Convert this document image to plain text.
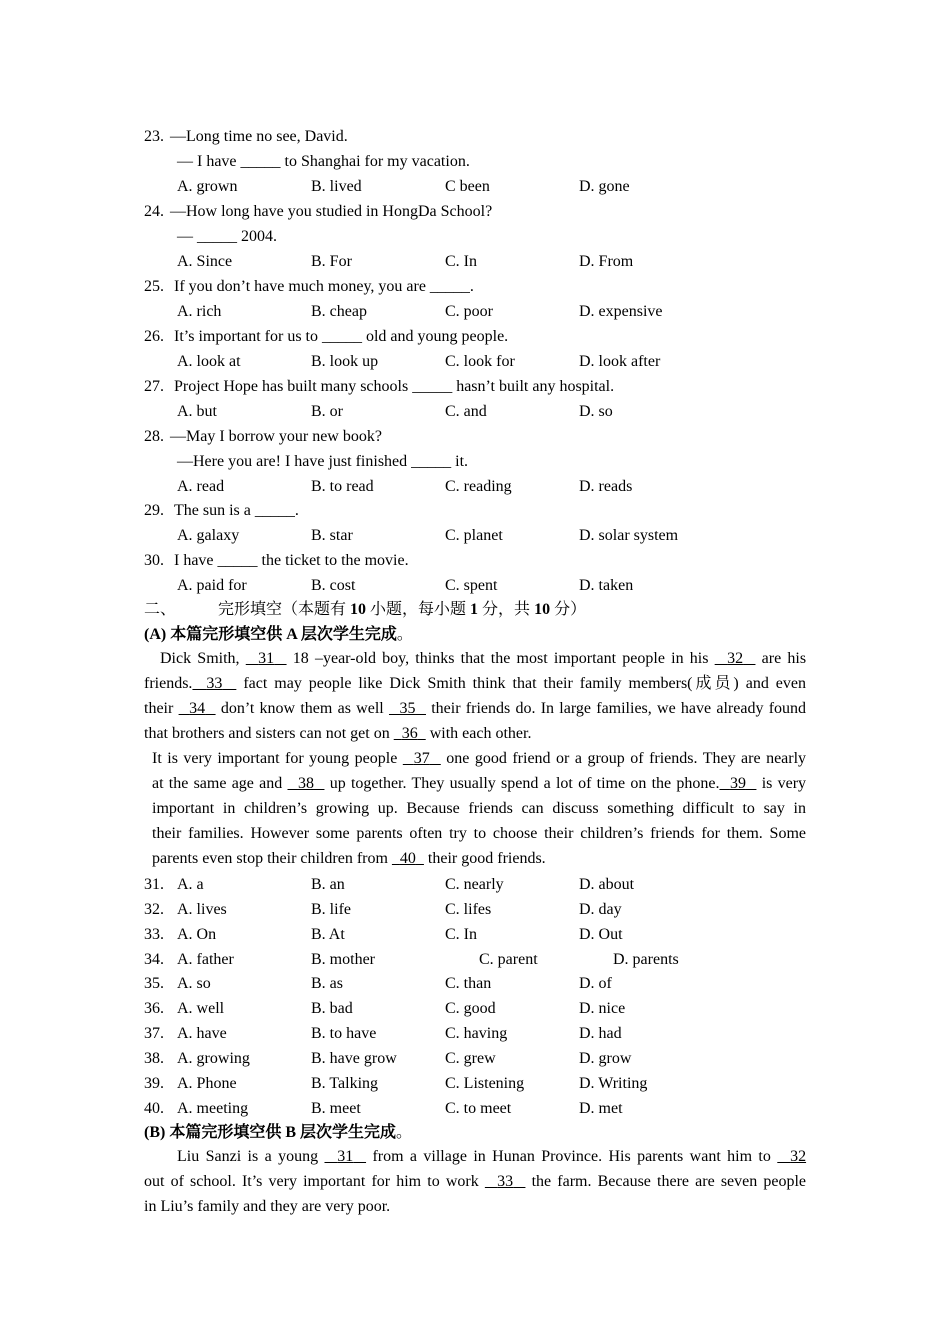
23. —Long time no see, David.
— I have _____ to Shanghai for my vacation.
A. grown	B. lived	C been	D. gone
24. —How long have you studied in HongDa School?
— _____ 2004.
A. Since	B. For	C. In	D. From
25. If you don’t have much money, you are _____.
A. rich	B. cheap	C. poor	D. expensive
26. It’s important for us to _____ old and young people.
A. look at	B. look up	C. look for	D. look after
27. Project Hope has built many schools _____ hasn’t built any hospital.
A. but	B. or	C. and	D. so
28. —May I borrow your new book?
—Here you are! I have just finished _____ it.
A. read	B. to read	C. reading	D. reads
29. The sun is a _____.
A. galaxy	B. star	C. planet	D. solar system
30. I have _____ the ticket to the movie.
A. paid for	B. cost	C. spent	D. taken
二、	完形填空（本题有 10 小题，每小题 1 分，共 10 分）
(A) 本篇完形填空供 A 层次学生完成。
Dick Smith, 31 18 –year-old boy, thinks that the most important people in his 32 are his
friends. 33 fact may people like Dick Smith think that their family members(成员) and even
their 34 don’t know them as well 35 their friends do. In large families, we have already found
that brothers and sisters can not get on 36 with each other.
It is very important for young people 37 one good friend or a group of friends. They are nearly
at the same age and 38 up together. They usually spend a lot of time on the phone. 39 is very
important in children’s growing up. Because friends can discuss something difficult to say in
their families. However some parents often try to choose their children’s friends for them. Some
parents even stop their children from 40 their good friends.
31. A. a	B. an	C. nearly	D. about
32. A. lives	B. life	C. lifes	D. day
33. A. On	B. At	C. In	D. Out
34. A. father	B. mother	C. parent	D. parents
35. A. so	B. as	C. than	D. of
36. A. well	B. bad	C. good	D. nice
37. A. have	B. to have	C. having	D. had
38. A. growing	B. have grow	C. grew	D. grow
39. A. Phone	B. Talking	C. Listening	D. Writing
40. A. meeting	B. meet	C. to meet	D. met
(B) 本篇完形填空供 B 层次学生完成。
Liu Sanzi is a young 31 from a village in Hunan Province. His parents want him to 32
out of school. It’s very important for him to work 33 the farm. Because there are seven people
in Liu’s family and they are very poor.
